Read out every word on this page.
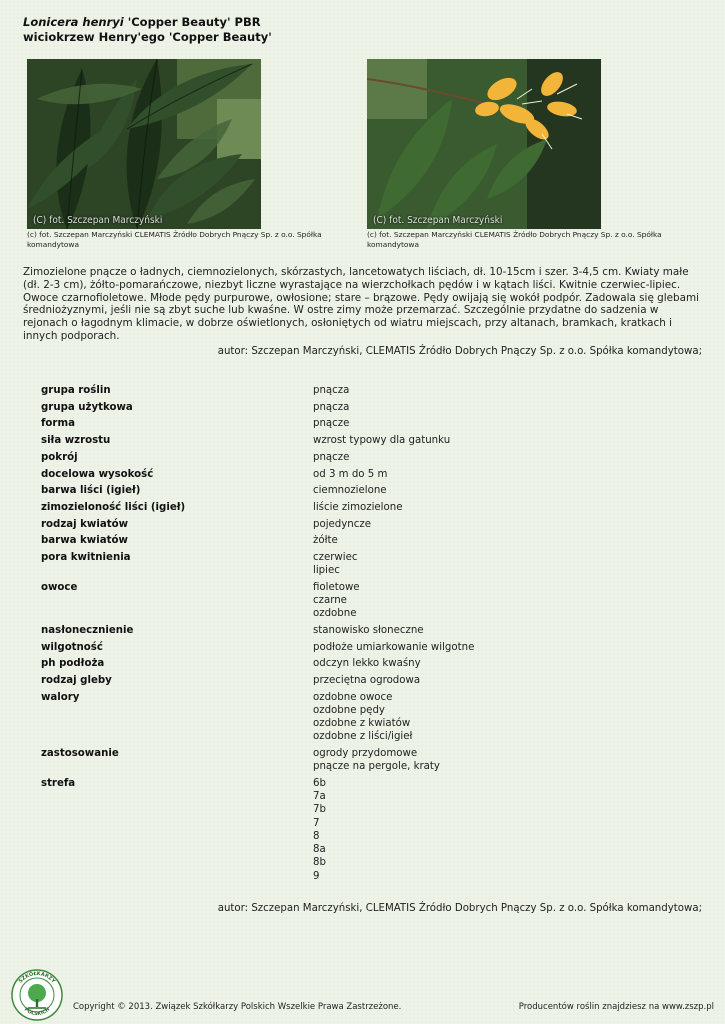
Lonicera henryi 'Copper Beauty' PBR
wiciokrzew Henry'ego 'Copper Beauty'
(C) fot. Szczepan Marczyński	(C) fot. Szczepan Marczyński
(c) fot. Szczepan Marczyński CLEMATIS Źródło Dobrych Pnączy Sp. z o.o. Spółka komandytowa
(c) fot. Szczepan Marczyński CLEMATIS Źródło Dobrych Pnączy Sp. z o.o. Spółka komandytowa
Zimozielone pnącze o ładnych, ciemnozielonych, skórzastych, lancetowatych liściach, dł. 10-15cm i szer. 3-4,5 cm. Kwiaty małe (dł. 2-3 cm), żółto-pomarańczowe, niezbyt liczne wyrastające na wierzchołkach pędów i w kątach liści. Kwitnie czerwiec-lipiec. Owoce czarnofioletowe. Młode pędy purpurowe, owłosione; stare – brązowe. Pędy owijają się wokół podpór. Zadowala się glebami średniożyznymi, jeśli nie są zbyt suche lub kwaśne. W ostre zimy może przemarzać. Szczególnie przydatne do sadzenia w rejonach o łagodnym klimacie, w dobrze oświetlonych, osłoniętych od wiatru miejscach, przy altanach, bramkach, kratkach i innych podporach.
autor: Szczepan Marczyński, CLEMATIS Źródło Dobrych Pnączy Sp. z o.o. Spółka komandytowa;
grupa roślin	pnącza
grupa użytkowa	pnącza
forma	pnącze
siła wzrostu	wzrost typowy dla gatunku
pokrój	pnącze
docelowa wysokość	od 3 m do 5 m
barwa liści (igieł)	ciemnozielone
zimozieloność liści (igieł)	liście zimozielone
rodzaj kwiatów	pojedyncze
barwa kwiatów	żółte
pora kwitnienia	czerwiec
lipiec
owoce	fioletowe
czarne
ozdobne
nasłonecznienie	stanowisko słoneczne
wilgotność	podłoże umiarkowanie wilgotne
ph podłoża	odczyn lekko kwaśny
rodzaj gleby	przeciętna ogrodowa
walory	ozdobne owoce
ozdobne pędy
ozdobne z kwiatów
ozdobne z liści/igieł
zastosowanie	ogrody przydomowe
pnącze na pergole, kraty
strefa	6b
7a
7b
7
8
8a
8b
9
autor: Szczepan Marczyński, CLEMATIS Źródło Dobrych Pnączy Sp. z o.o. Spółka komandytowa;
SZKÓŁKARZY
POLSKICH	Copyright © 2013. Związek Szkółkarzy Polskich Wszelkie Prawa Zastrzeżone.	Producentów roślin znajdziesz na www.zszp.pl
